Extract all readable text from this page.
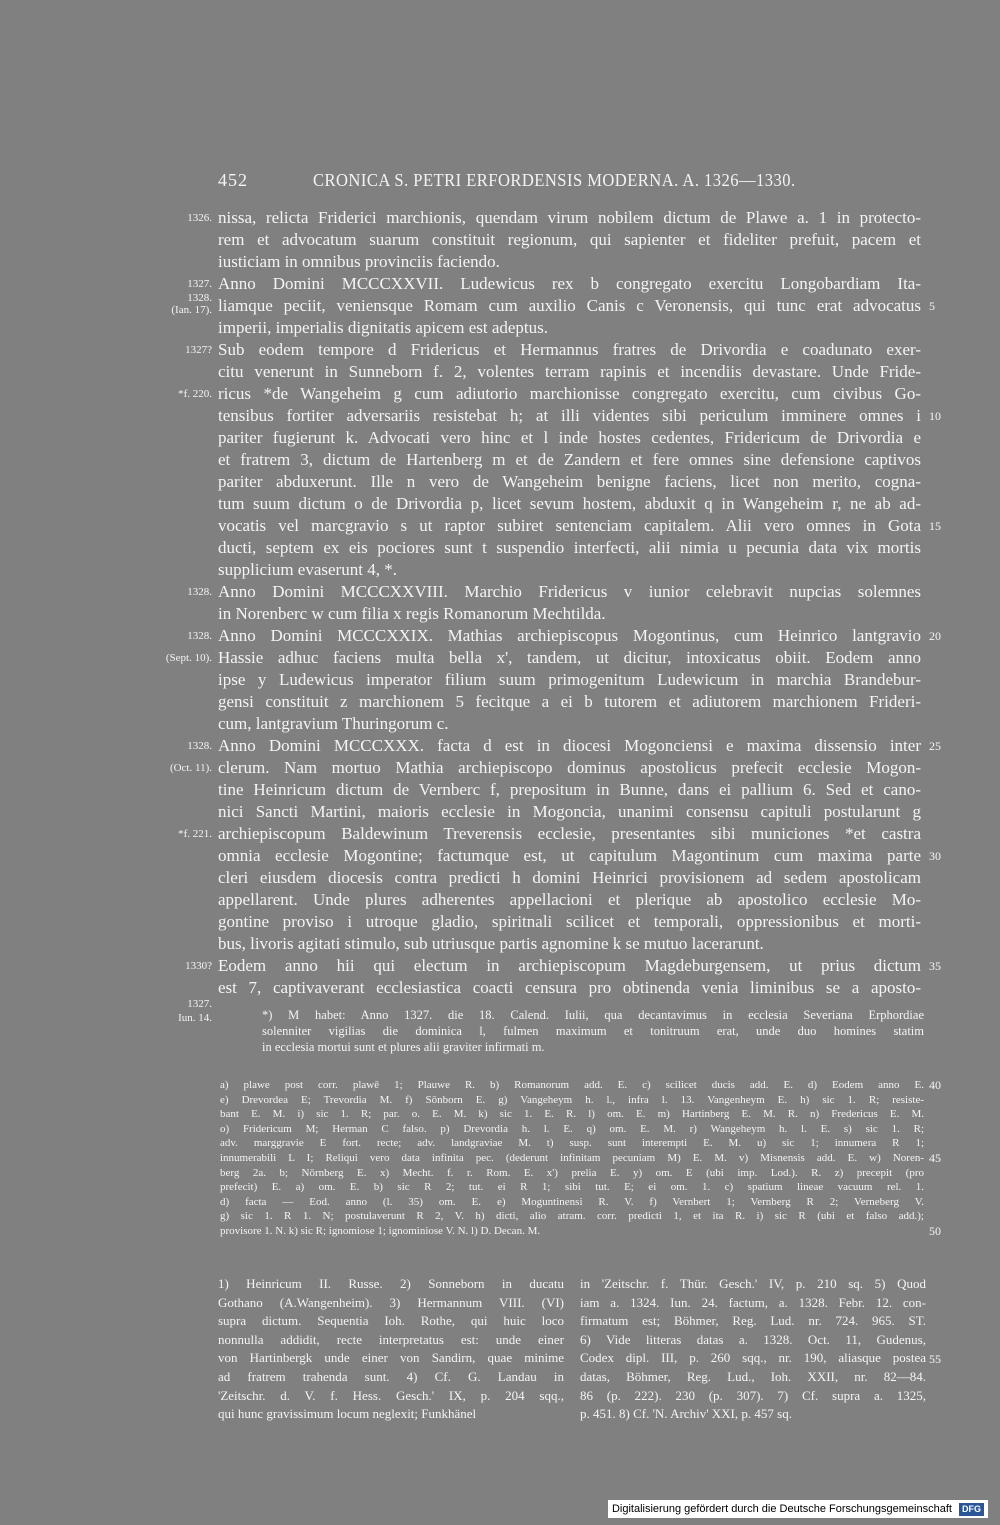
452	CRONICA S. PETRI ERFORDENSIS MODERNA. A. 1326—1330.
nissa, relicta Friderici marchionis, quendam virum nobilem dictum de Plawe a. 1 in protecto-
1326.
rem et advocatum suarum constituit regionum, qui sapienter et fideliter prefuit, pacem et
iusticiam in omnibus provinciis faciendo.
Anno Domini MCCCXXVII. Ludewicus rex b congregato exercitu Longobardiam Ita-
1327.
liamque peciit, veniensque Romam cum auxilio Canis c Veronensis, qui tunc erat advocatus
1328.
(Ian. 17).	5
imperii, imperialis dignitatis apicem est adeptus.
Sub eodem tempore d Fridericus et Hermannus fratres de Drivordia e coadunato exer-
1327?
citu venerunt in Sunneborn f. 2, volentes terram rapinis et incendiis devastare. Unde Fride-
ricus *de Wangeheim g cum adiutorio marchionisse congregato exercitu, cum civibus Go-
*f. 220.
tensibus fortiter adversariis resistebat h; at illi videntes sibi periculum imminere omnes i 10
pariter fugierunt k. Advocati vero hinc et l inde hostes cedentes, Fridericum de Drivordia e
et fratrem 3, dictum de Hartenberg m et de Zandern et fere omnes sine defensione captivos
pariter abduxerunt. Ille n vero de Wangeheim benigne faciens, licet non merito, cogna-
tum suum dictum o de Drivordia p, licet sevum hostem, abduxit q in Wangeheim r, ne ab ad-
vocatis vel marcgravio s ut raptor subiret sentenciam capitalem. Alii vero omnes in Gota 15
ducti, septem ex eis pociores sunt t suspendio interfecti, alii nimia u pecunia data vix mortis
supplicium evaserunt 4, *.
Anno Domini MCCCXXVIII. Marchio Fridericus v iunior celebravit nupcias solemnes
1328.
in Norenberc w cum filia x regis Romanorum Mechtilda.
Anno Domini MCCCXXIX. Mathias archiepiscopus Mogontinus, cum Heinrico lantgravio
1328.	20
Hassie adhuc faciens multa bella x', tandem, ut dicitur, intoxicatus obiit. Eodem anno
(Sept. 10).
ipse y Ludewicus imperator filium suum primogenitum Ludewicum in marchia Brandebur-
gensi constituit z marchionem 5 fecitque a ei b tutorem et adiutorem marchionem Frideri-
cum, lantgravium Thuringorum c.
Anno Domini MCCCXXX. facta d est in diocesi Mogonciensi e maxima dissensio inter
1328.	25
clerum. Nam mortuo Mathia archiepiscopo dominus apostolicus prefecit ecclesie Mogon-
(Oct. 11).
tine Heinricum dictum de Vernberc f, prepositum in Bunne, dans ei pallium 6. Sed et cano-
nici Sancti Martini, maioris ecclesie in Mogoncia, unanimi consensu capituli postularunt g
archiepiscopum Baldewinum Treverensis ecclesie, presentantes sibi municiones *et castra
*f. 221.
omnia ecclesie Mogontine; factumque est, ut capitulum Magontinum cum maxima parte 30
cleri eiusdem diocesis contra predicti h domini Heinrici provisionem ad sedem apostolicam
appellarent. Unde plures adherentes appellacioni et plerique ab apostolico ecclesie Mo-
gontine proviso i utroque gladio, spiritnali scilicet et temporali, oppressionibus et morti-
bus, livoris agitati stimulo, sub utriusque partis agnomine k se mutuo lacerarunt.
Eodem anno hii qui electum in archiepiscopum Magdeburgensem, ut prius dictum
1330?	35
est 7, captivaverant ecclesiastica coacti censura pro obtinenda venia liminibus se a aposto-
*) M habet: Anno 1327. die 18. Calend. Iulii, qua decantavimus in ecclesia Severiana Erphordiae
solenniter vigilias die dominica l, fulmen maximum et tonitruum erat, unde duo homines statim
in ecclesia mortui sunt et plures alii graviter infirmati m.
a) plawe post corr. plawē 1; Plauwe R. b) Romanorum add. E. c) scilicet ducis add. E. d) Eodem anno E.
e) Drevordea E; Trevordia M. f) Sōnborn E. g) Vangeheym h. l., infra l. 13. Vangenheym E. h) sic 1. R; resiste-
bant E. M. i) sic 1. R; par. o. E. M. k) sic 1. E. R. l) om. E. m) Hartinberg E. M. R. n) Fredericus E. M.
o) Fridericum M; Herman C falso. p) Drevordia h. l. E. q) om. E. M. r) Wangeheym h. l. E. s) sic 1. R;
adv. marggravie E fort. recte; adv. landgraviae M. t) susp. sunt interempti E. M. u) sic 1; innumera R 1;
innumerabili L I; Reliqui vero data infinita pec. (dederunt infinitam pecuniam M) E. M. v) Misnensis add. E. w) Noren-
berg 2a. b; Nōrnberg E. x) Mecht. f. r. Rom. E. x') prelia E. y) om. E (ubi imp. Lod.). R. z) precepit (pro
prefecit) E. a) om. E. b) sic R 2; tut. ei R 1; sibi tut. E; ei om. 1. c) spatium lineae vacuum rel. 1.
d) facta — Eod. anno (l. 35) om. E. e) Moguntinensi R. V. f) Vernbert 1; Vernberg R 2; Verneberg V.
g) sic 1. R 1. N; postulaverunt R 2, V. h) dicti, alio atram. corr. predicti 1, et ita R. i) sic R (ubi et falso add.);
provisore 1. N. k) sic R; ignomiose 1; ignominiose V. N. l) D. Decan. M.
1) Heinricum II. Russe. 2) Sonneborn in ducatu
Gothano (A.Wangenheim). 3) Hermannum VIII. (VI)
supra dictum. Sequentia Ioh. Rothe, qui huic loco
nonnulla addidit, recte interpretatus est: unde einer
von Hartinbergk unde einer von Sandirn, quae minime
ad fratrem trahenda sunt. 4) Cf. G. Landau in
'Zeitschr. d. V. f. Hess. Gesch.' IX, p. 204 sqq.,
qui hunc gravissimum locum neglexit; Funkhänel
in 'Zeitschr. f. Thür. Gesch.' IV, p. 210 sq. 5) Quod
iam a. 1324. Iun. 24. factum, a. 1328. Febr. 12. con-
firmatum est; Böhmer, Reg. Lud. nr. 724. 965. ST.
6) Vide litteras datas a. 1328. Oct. 11, Gudenus,
Codex dipl. III, p. 260 sqq., nr. 190, aliasque postea
datas, Böhmer, Reg. Lud., Ioh. XXII, nr. 82—84.
86 (p. 222). 230 (p. 307). 7) Cf. supra a. 1325,
p. 451. 8) Cf. 'N. Archiv' XXI, p. 457 sq.
Digitalisierung gefördert durch die Deutsche Forschungsgemeinschaft DFG
1327.
Iun. 14.
40
45
50
55
